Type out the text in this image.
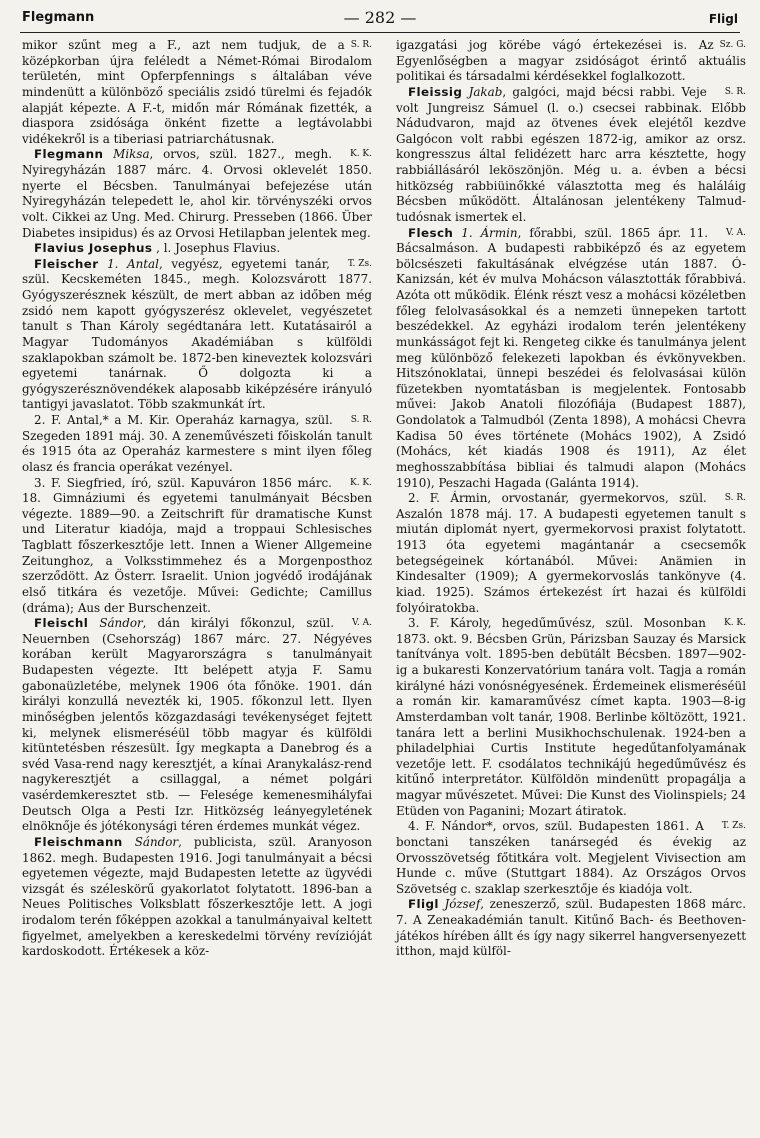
Flegmann	— 282 —	Fligl

S. R.
mikor szűnt meg a F., azt nem tudjuk, de a középkorban újra feléledt a Német-Római Birodalom területén, mint Opferpfennings s általában véve mindenütt a különböző speciális zsidó türelmi és fejadók alapját képezte. A F.-t, midőn már Rómának fizették, a diaspora zsidósága önként fizette a legtávolabbi vidékekről is a tiberiasi patriarchátusnak.

K. K.
Flegmann Miksa, orvos, szül. 1827., megh. Nyiregyházán 1887 márc. 4. Orvosi oklevelét 1850. nyerte el Bécsben. Tanulmányai befejezése után Nyiregyházán telepedett le, ahol kir. törvényszéki orvos volt. Cikkei az Ung. Med. Chirurg. Presseben (1866. Über Diabetes insipidus) és az Orvosi Hetilapban jelentek meg.

Flavius Josephus , l. Josephus Flavius.

T. Zs.
Fleischer 1. Antal, vegyész, egyetemi tanár, szül. Kecskeméten 1845., megh. Kolozsvárott 1877. Gyógyszerésznek készült, de mert abban az időben még zsidó nem kapott gyógyszerész oklevelet, vegyészetet tanult s Than Károly segédtanára lett. Kutatásairól a Magyar Tudományos Akadémiában s külföldi szaklapokban számolt be. 1872-ben kineveztek kolozsvári egyetemi tanárnak. Ő dolgozta ki a gyógyszerésznövendékek alaposabb kiképzésére irányuló tantigyi javaslatot. Több szakmunkát írt.

S. R.
2. F. Antal,* a M. Kir. Operaház karnagya, szül. Szegeden 1891 máj. 30. A zeneművészeti főiskolán tanult és 1915 óta az Operaház karmestere s mint ilyen főleg olasz és francia operákat vezényel.

K. K.
3. F. Siegfried, író, szül. Kapuváron 1856 márc. 18. Gimnáziumi és egyetemi tanulmányait Bécsben végezte. 1889—90. a Zeitschrift für dramatische Kunst und Literatur kiadója, majd a troppaui Schlesisches Tagblatt főszerkesztője lett. Innen a Wiener Allgemeine Zeitunghoz, a Volksstimmehez és a Morgenposthoz szerződött. Az Österr. Israelit. Union jogvédő irodájának első titkára és vezetője. Művei: Gedichte; Camillus (dráma); Aus der Burschenzeit.

V. A.
Fleischl Sándor, dán királyi főkonzul, szül. Neuernben (Csehország) 1867 márc. 27. Négyéves korában került Magyarországra s tanulmányait Budapesten végezte. Itt belépett atyja F. Samu gabonaüzletébe, melynek 1906 óta főnöke. 1901. dán királyi konzullá nevezték ki, 1905. főkonzul lett. Ilyen minőségben jelentős közgazdasági tevékenységet fejtett ki, melynek elismeréséül több magyar és külföldi kitüntetésben részesült. Így megkapta a Danebrog és a svéd Vasa-rend nagy keresztjét, a kínai Aranykalász-rend nagykeresztjét a csillaggal, a német polgári vasérdemkeresztet stb. — Felesége kemenesmihályfai Deutsch Olga a Pesti Izr. Hitközség leányegyletének elnöknője és jótékonysági téren érdemes munkát végez.

Fleischmann Sándor, publicista, szül. Aranyoson 1862. megh. Budapesten 1916. Jogi tanulmányait a bécsi egyetemen végezte, majd Budapesten letette az ügyvédi vizsgát és széleskörű gyakorlatot folytatott. 1896-ban a Neues Politisches Volksblatt főszerkesztője lett. A jogi irodalom terén főképpen azokkal a tanulmányaival keltett figyelmet, amelyekben a kereskedelmi törvény revízióját kardoskodott. Értékesek a köz-

Sz. G.
igazgatási jog körébe vágó értekezései is. Az Egyenlőségben a magyar zsidóságot érintő aktuális politikai és társadalmi kérdésekkel foglalkozott.

S. R.
Fleissig Jakab, galgóci, majd bécsi rabbi. Veje volt Jungreisz Sámuel (l. o.) csecsei rabbinak. Előbb Nádudvaron, majd az ötvenes évek elejétől kezdve Galgócon volt rabbi egészen 1872-ig, amikor az orsz. kongresszus által felidézett harc arra késztette, hogy rabbiállásáról leköszönjön. Még u. a. évben a bécsi hitközség rabbiüinőkké választotta meg és haláláig Bécsben működött. Általánosan jelentékeny Talmud-tudósnak ismertek el.

V. A.
Flesch 1. Ármin, főrabbi, szül. 1865 ápr. 11. Bácsalmáson. A budapesti rabbiképző és az egyetem bölcsészeti fakultásának elvégzése után 1887. Ó-Kanizsán, két év mulva Mohácson választották főrabbivá. Azóta ott működik. Élénk részt vesz a mohácsi közéletben főleg felolvasásokkal és a nemzeti ünnepeken tartott beszédekkel. Az egyházi irodalom terén jelentékeny munkásságot fejt ki. Rengeteg cikke és tanulmánya jelent meg különböző felekezeti lapokban és évkönyvekben. Hitszónoklatai, ünnepi beszédei és felolvasásai külön füzetekben nyomtatásban is megjelentek. Fontosabb művei: Jakob Anatoli filozófiája (Budapest 1887), Gondolatok a Talmudból (Zenta 1898), A mohácsi Chevra Kadisa 50 éves története (Mohács 1902), A Zsidó (Mohács, két kiadás 1908 és 1911), Az élet meghosszabbítása bibliai és talmudi alapon (Mohács 1910), Peszachi Hagada (Galánta 1914).

S. R.
2. F. Ármin, orvostanár, gyermekorvos, szül. Aszalón 1878 máj. 17. A budapesti egyetemen tanult s miután diplomát nyert, gyermekorvosi praxist folytatott. 1913 óta egyetemi magántanár a csecsemők betegségeinek kórtanából. Művei: Anämien in Kindesalter (1909); A gyermekorvoslás tankönyve (4. kiad. 1925). Számos értekezést írt hazai és külföldi folyóiratokba.

K. K.
3. F. Károly, hegedűművész, szül. Mosonban 1873. okt. 9. Bécsben Grün, Párizsban Sauzay és Marsick tanítványa volt. 1895-ben debütált Bécsben. 1897—902-ig a bukaresti Konzervatórium tanára volt. Tagja a román királyné házi vonósnégyesének. Érdemeinek elismeréséül a román kir. kamaraművész címet kapta. 1903—8-ig Amsterdamban volt tanár, 1908. Berlinbe költözött, 1921. tanára lett a berlini Musikhochschulenak. 1924-ben a philadelphiai Curtis Institute hegedűtanfolyamának vezetője lett. F. csodálatos technikájú hegedűművész és kitűnő interpretátor. Külföldön mindenütt propagálja a magyar művészetet. Művei: Die Kunst des Violinspiels; 24 Etüden von Paganini; Mozart átiratok.

T. Zs.
4. F. Nándor*, orvos, szül. Budapesten 1861. A bonctani tanszéken tanársegéd és évekig az Orvosszövetség főtitkára volt. Megjelent Vivisection am Hunde c. műve (Stuttgart 1884). Az Országos Orvos Szövetség c. szaklap szerkesztője és kiadója volt.

Fligl József, zeneszerző, szül. Budapesten 1868 márc. 7. A Zeneakadémián tanult. Kitűnő Bach- és Beethoven-játékos hírében állt és így nagy sikerrel hangversenyezett itthon, majd külföl-
